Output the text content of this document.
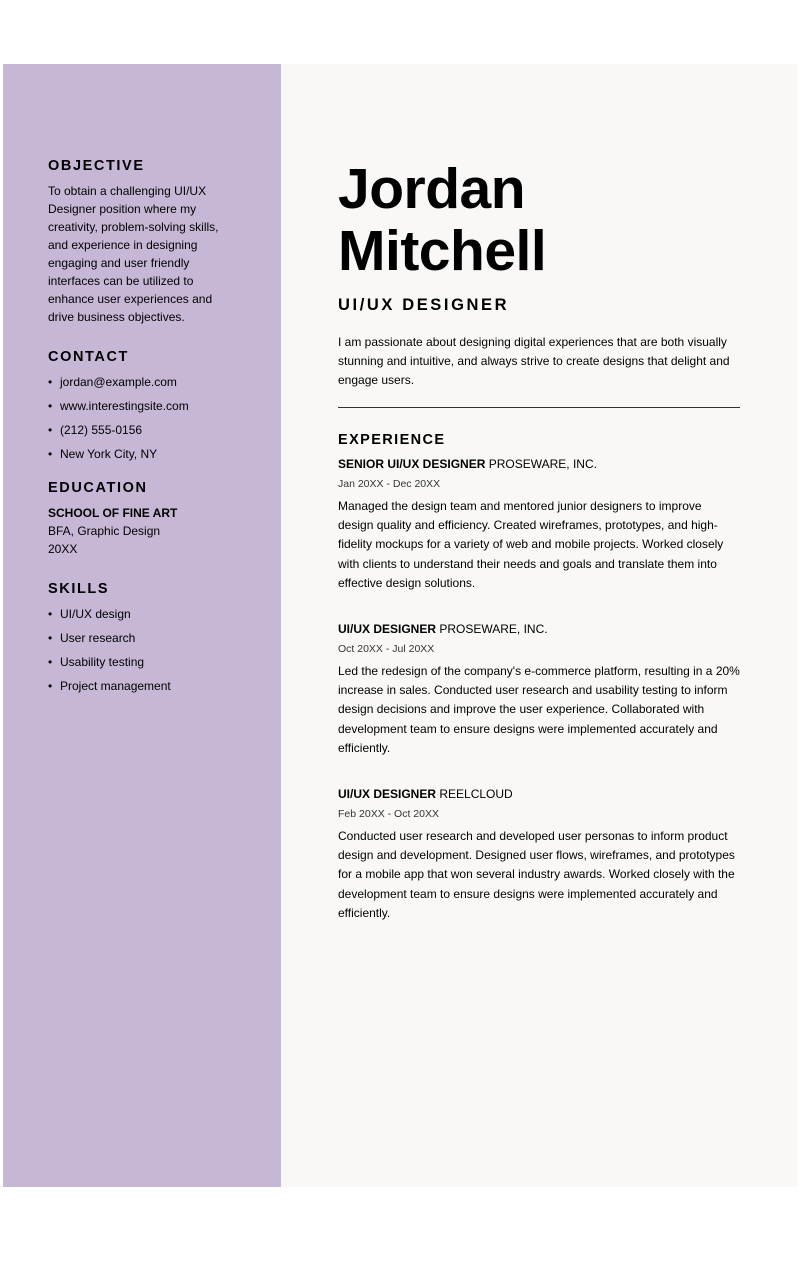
OBJECTIVE

To obtain a challenging UI/UX Designer position where my creativity, problem-solving skills, and experience in designing engaging and user friendly interfaces can be utilized to enhance user experiences and drive business objectives.

CONTACT
• jordan@example.com
• www.interestingsite.com
• (212) 555-0156
• New York City, NY
EDUCATION
SCHOOL OF FINE ART
BFA, Graphic Design
20XX
SKILLS
• UI/UX design
• User research
• Usability testing
• Project management
Jordan
Mitchell
UI/UX DESIGNER

I am passionate about designing digital experiences that are both visually stunning and intuitive, and always strive to create designs that delight and engage users.

EXPERIENCE
SENIOR UI/UX DESIGNER PROSEWARE, INC.
Jan 20XX - Dec 20XX
Managed the design team and mentored junior designers to improve design quality and efficiency. Created wireframes, prototypes, and high-fidelity mockups for a variety of web and mobile projects. Worked closely with clients to understand their needs and goals and translate them into effective design solutions.
UI/UX DESIGNER PROSEWARE, INC.
Oct 20XX - Jul 20XX
Led the redesign of the company's e-commerce platform, resulting in a 20% increase in sales. Conducted user research and usability testing to inform design decisions and improve the user experience. Collaborated with development team to ensure designs were implemented accurately and efficiently.
UI/UX DESIGNER REELCLOUD
Feb 20XX - Oct 20XX
Conducted user research and developed user personas to inform product design and development. Designed user flows, wireframes, and prototypes for a mobile app that won several industry awards. Worked closely with the development team to ensure designs were implemented accurately and efficiently.
